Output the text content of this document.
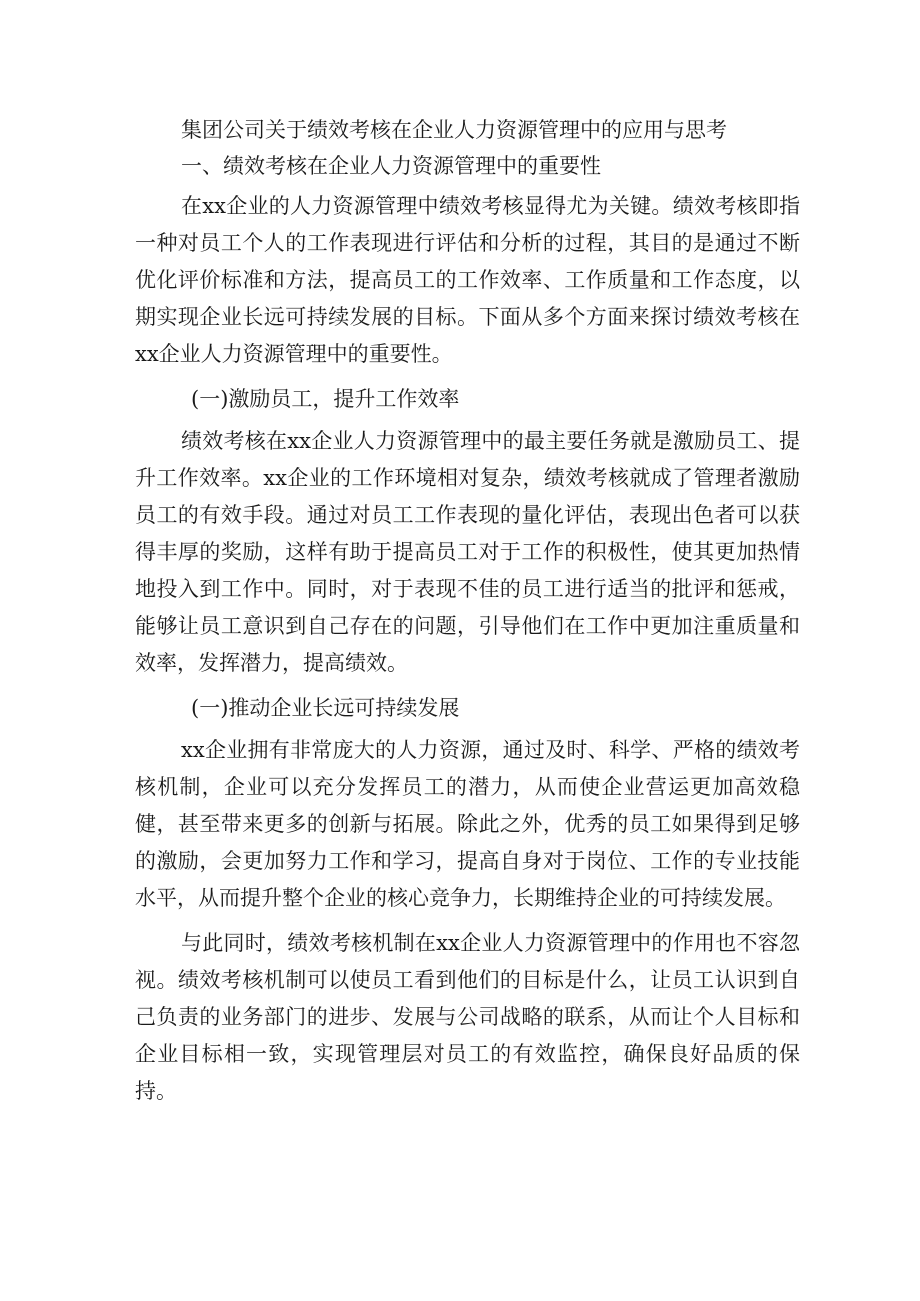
集团公司关于绩效考核在企业人力资源管理中的应用与思考
一、绩效考核在企业人力资源管理中的重要性

在xx企业的人力资源管理中绩效考核显得尤为关键。绩效考核即指一种对员工个人的工作表现进行评估和分析的过程，其目的是通过不断优化评价标准和方法，提高员工的工作效率、工作质量和工作态度，以期实现企业长远可持续发展的目标。下面从多个方面来探讨绩效考核在xx企业人力资源管理中的重要性。

(一)激励员工，提升工作效率

绩效考核在xx企业人力资源管理中的最主要任务就是激励员工、提升工作效率。xx企业的工作环境相对复杂，绩效考核就成了管理者激励员工的有效手段。通过对员工工作表现的量化评估，表现出色者可以获得丰厚的奖励，这样有助于提高员工对于工作的积极性，使其更加热情地投入到工作中。同时，对于表现不佳的员工进行适当的批评和惩戒，能够让员工意识到自己存在的问题，引导他们在工作中更加注重质量和效率，发挥潜力，提高绩效。

(一)推动企业长远可持续发展

xx企业拥有非常庞大的人力资源，通过及时、科学、严格的绩效考核机制，企业可以充分发挥员工的潜力，从而使企业营运更加高效稳健，甚至带来更多的创新与拓展。除此之外，优秀的员工如果得到足够的激励，会更加努力工作和学习，提高自身对于岗位、工作的专业技能水平，从而提升整个企业的核心竞争力，长期维持企业的可持续发展。

与此同时，绩效考核机制在xx企业人力资源管理中的作用也不容忽视。绩效考核机制可以使员工看到他们的目标是什么，让员工认识到自己负责的业务部门的进步、发展与公司战略的联系，从而让个人目标和企业目标相一致，实现管理层对员工的有效监控，确保良好品质的保持。
